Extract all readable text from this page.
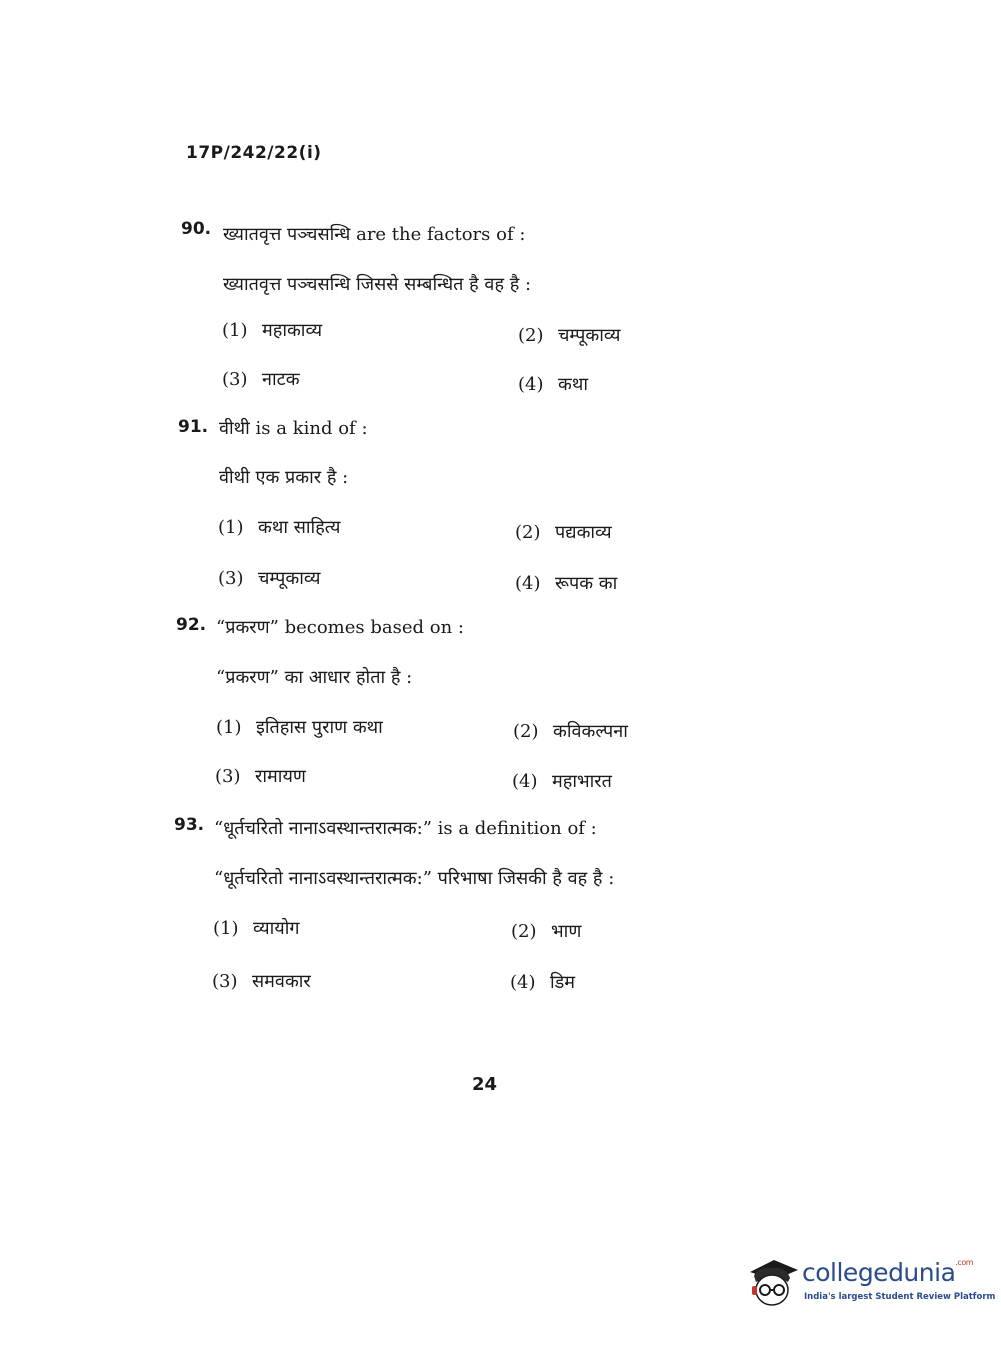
17P/242/22(i)
90. ख्यातवृत्त पञ्चसन्धि are the factors of :
ख्यातवृत्त पञ्चसन्धि जिससे सम्बन्धित है वह है :
(1) महाकाव्य	(2) चम्पूकाव्य
(3) नाटक	(4) कथा
91. वीथी is a kind of :
वीथी एक प्रकार है :
(1) कथा साहित्य	(2) पद्यकाव्य
(3) चम्पूकाव्य	(4) रूपक का
92. “प्रकरण” becomes based on :
“प्रकरण” का आधार होता है :
(1) इतिहास पुराण कथा	(2) कविकल्पना
(3) रामायण	(4) महाभारत
93. “धूर्तचरितो नानाऽवस्थान्तरात्मक:” is a definition of :
“धूर्तचरितो नानाऽवस्थान्तरात्मक:” परिभाषा जिसकी है वह है :
(1) व्यायोग	(2) भाण
(3) समवकार	(4) डिम
24
collegedunia$^{.com}$
India's largest Student Review Platform
